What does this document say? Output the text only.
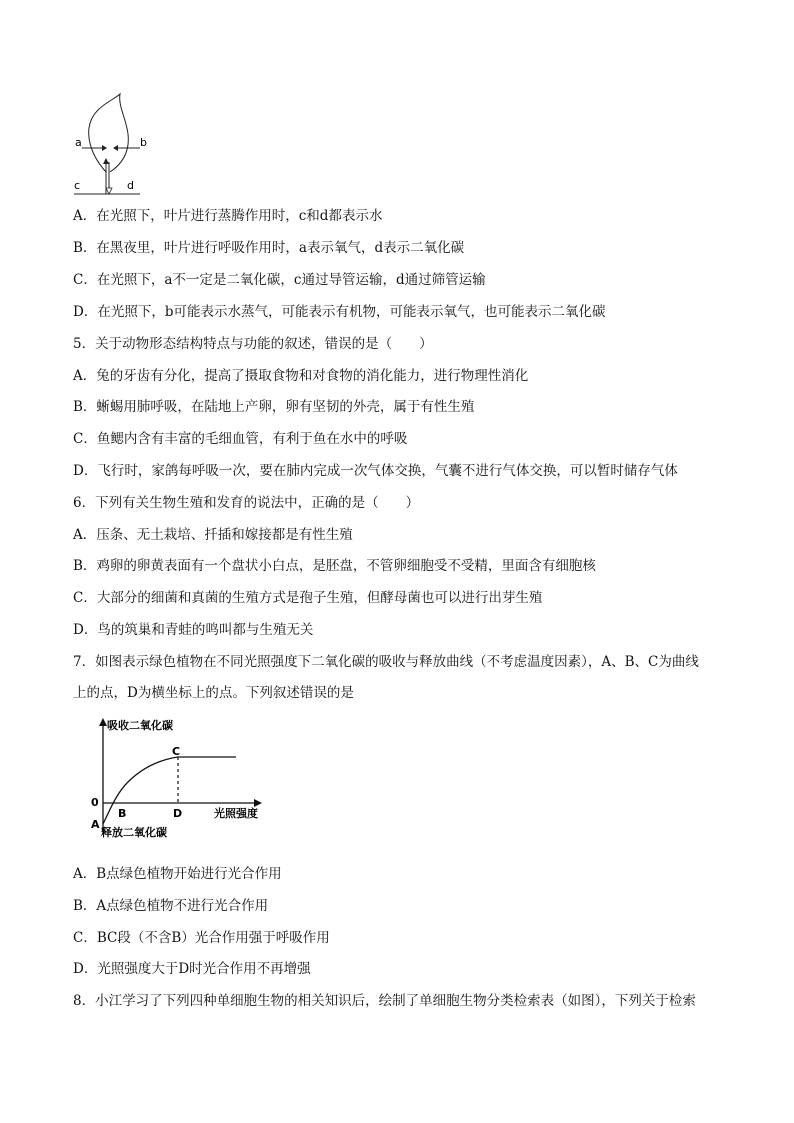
a	b
c	d
A．在光照下，叶片进行蒸腾作用时，c和d都表示水
B．在黑夜里，叶片进行呼吸作用时，a表示氧气，d表示二氧化碳
C．在光照下，a不一定是二氧化碳，c通过导管运输，d通过筛管运输
D．在光照下，b可能表示水蒸气，可能表示有机物，可能表示氧气，也可能表示二氧化碳
5．关于动物形态结构特点与功能的叙述，错误的是（　　）
A．兔的牙齿有分化，提高了摄取食物和对食物的消化能力，进行物理性消化
B．蜥蜴用肺呼吸，在陆地上产卵，卵有坚韧的外壳，属于有性生殖
C．鱼鳃内含有丰富的毛细血管，有利于鱼在水中的呼吸
D．飞行时，家鸽每呼吸一次，要在肺内完成一次气体交换，气囊不进行气体交换，可以暂时储存气体
6．下列有关生物生殖和发育的说法中，正确的是（　　）
A．压条、无土栽培、扦插和嫁接都是有性生殖
B．鸡卵的卵黄表面有一个盘状小白点，是胚盘，不管卵细胞受不受精，里面含有细胞核
C．大部分的细菌和真菌的生殖方式是孢子生殖，但酵母菌也可以进行出芽生殖
D．鸟的筑巢和青蛙的鸣叫都与生殖无关
7．如图表示绿色植物在不同光照强度下二氧化碳的吸收与释放曲线（不考虑温度因素），A、B、C为曲线
上的点，D为横坐标上的点。下列叙述错误的是
吸收二氧化碳
释放二氧化碳
光照强度
0
A
B
C
D
A．B点绿色植物开始进行光合作用
B．A点绿色植物不进行光合作用
C．BC段（不含B）光合作用强于呼吸作用
D．光照强度大于D时光合作用不再增强
8．小江学习了下列四种单细胞生物的相关知识后，绘制了单细胞生物分类检索表（如图），下列关于检索
